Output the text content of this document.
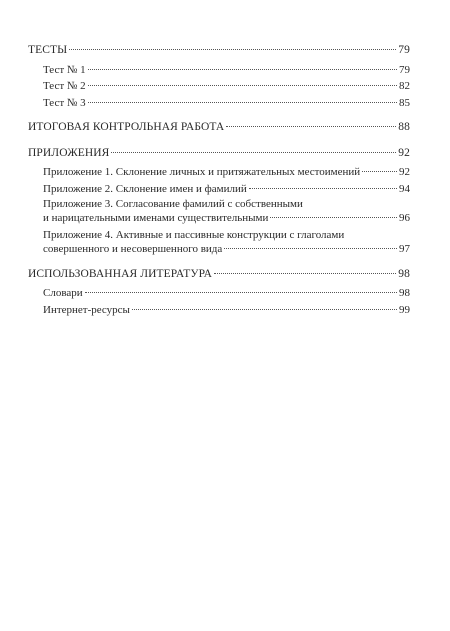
ТЕСТЫ	79
Тест № 1	79
Тест № 2	82
Тест № 3	85
ИТОГОВАЯ КОНТРОЛЬНАЯ РАБОТА	88
ПРИЛОЖЕНИЯ	92
Приложение 1. Склонение личных и притяжательных местоимений	92
Приложение 2. Склонение имен и фамилий	94
Приложение 3. Согласование фамилий с собственными
и нарицательными именами существительными	96
Приложение 4. Активные и пассивные конструкции с глаголами
совершенного и несовершенного вида	97
ИСПОЛЬЗОВАННАЯ ЛИТЕРАТУРА	98
Словари	98
Интернет-ресурсы	99
